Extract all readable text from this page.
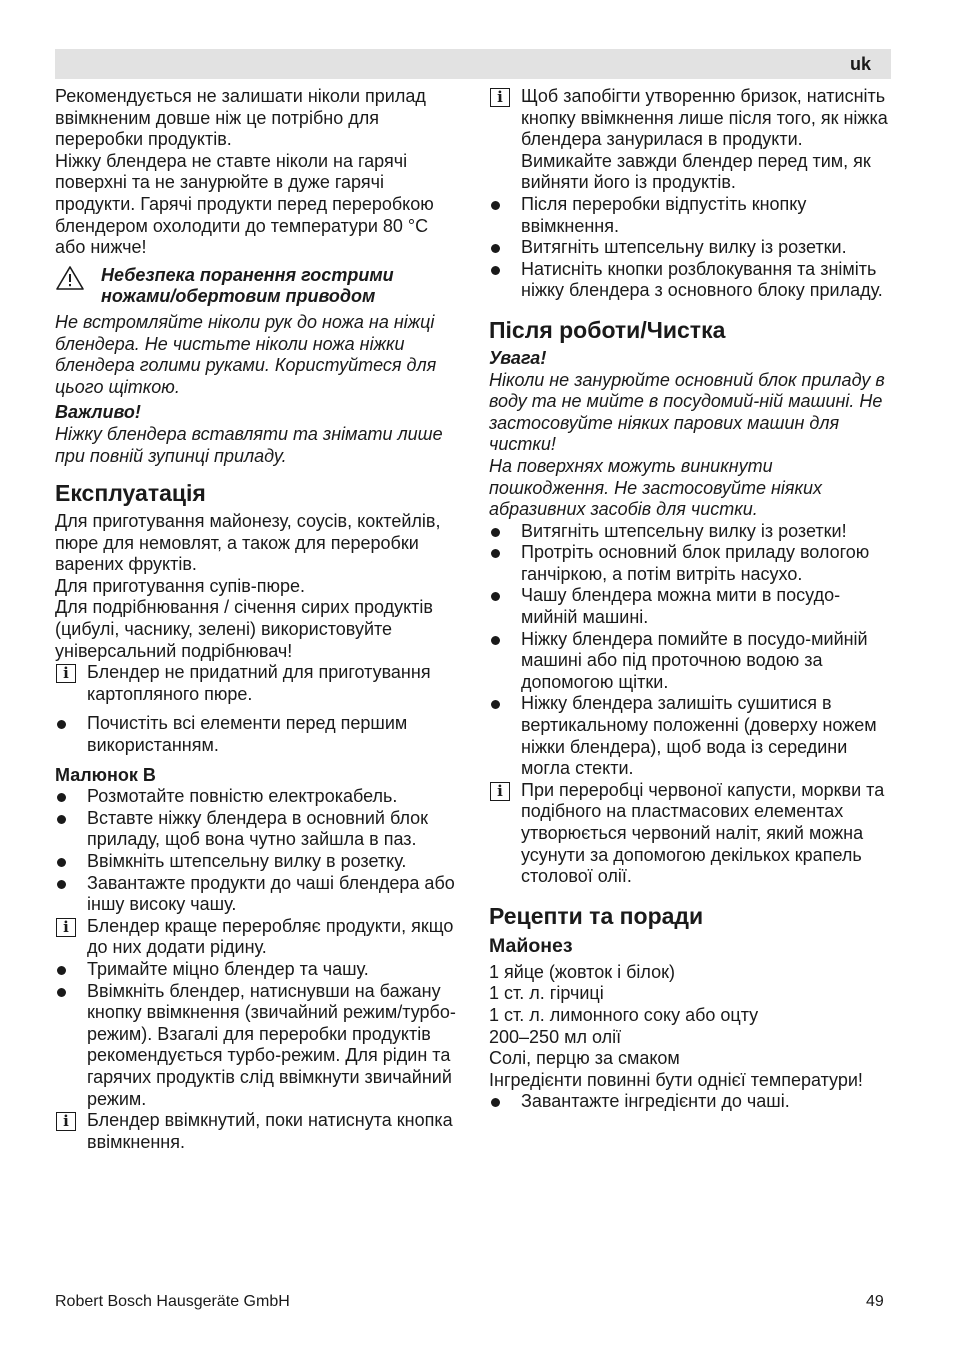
uk

Рекомендується не залишати ніколи прилад ввімкненим довше ніж це потрібно для переробки продуктів.

Ніжку блендера не ставте ніколи на гарячі поверхні та не занурюйте в дуже гарячі продукти. Гарячі продукти перед переробкою блендером охолодити до температури 80 °C або нижче!

Небезпека поранення гострими ножами/обертовим приводом

Не встромляйте ніколи рук до ножа на ніжці блендера. Не чистьте ніколи ножа ніжки блендера голими руками. Користуйтеся для цього щіткою.

Важливо!

Ніжку блендера вставляти та знімати лише при повній зупинці приладу.

Експлуатація

Для приготування майонезу, соусів, коктейлів, пюре для немовлят, а також для переробки варених фруктів.

Для приготування супів-пюре.

Для подрібнювання / січення сирих продуктів (цибулі, часнику, зелені) використовуйте універсальний подрібнювач!

i	Блендер не придатний для приготування картопляного пюре.

Почистіть всі елементи перед першим використанням.

Малюнок B

Розмотайте повністю електрокабель.

Вставте ніжку блендера в основний блок приладу, щоб вона чутно зайшла в паз.

Ввімкніть штепсельну вилку в розетку.

Завантажте продукти до чаші блендера або іншу високу чашу.

i	Блендер краще переробляє продукти, якщо до них додати рідину.

Тримайте міцно блендер та чашу.

Ввімкніть блендер, натиснувши на бажану кнопку ввімкнення (звичайний режим/турбо-режим). Взагалі для переробки продуктів рекомендується турбо-режим. Для рідин та гарячих продуктів слід ввімкнути звичайний режим.

i	Блендер ввімкнутий, поки натиснута кнопка ввімкнення.

i	Щоб запобігти утворенню бризок, натисніть кнопку ввімкнення лише після того, як ніжка блендера занурилася в продукти. Вимикайте завжди блендер перед тим, як вийняти його із продуктів.

Після переробки відпустіть кнопку ввімкнення.

Витягніть штепсельну вилку із розетки.

Натисніть кнопки розблокування та зніміть ніжку блендера з основного блоку приладу.

Після роботи/Чистка

Увага!

Ніколи не занурюйте основний блок приладу в воду та не мийте в посудомий-ній машині. Не застосовуйте ніяких парових машин для чистки!

На поверхнях можуть виникнути пошкодження. Не застосовуйте ніяких абразивних засобів для чистки.

Витягніть штепсельну вилку із розетки!

Протріть основний блок приладу вологою ганчіркою, а потім витріть насухо.

Чашу блендера можна мити в посудо-мийній машині.

Ніжку блендера помийте в посудо-мийній машині або під проточною водою за допомогою щітки.

Ніжку блендера залишіть сушитися в вертикальному положенні (доверху ножем ніжки блендера), щоб вода із середини могла стекти.

i	При переробці червоної капусти, моркви та подібного на пластмасових елементах утворюється червоний наліт, який можна усунути за допомогою декількох крапель столової олії.

Рецепти та поради
Майонез

1 яйце (жовток і білок)

1 ст. л. гірчиці

1 ст. л. лимонного соку або оцту

200–250 мл олії

Солі, перцю за смаком

Інгредієнти повинні бути однієї температури!

Завантажте інгредієнти до чаші.

Robert Bosch Hausgeräte GmbH	49
